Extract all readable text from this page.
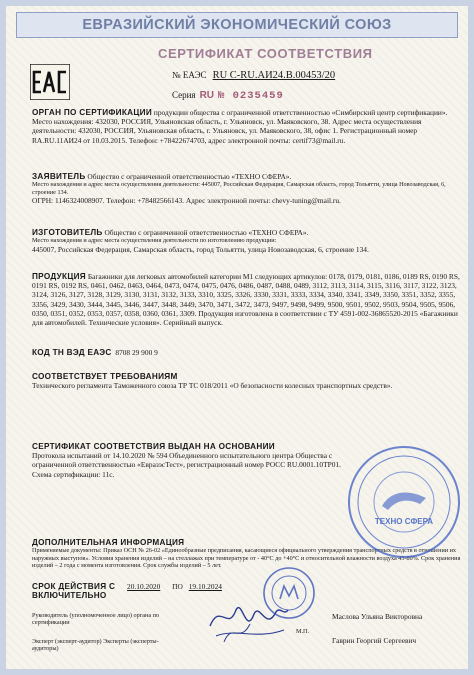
ЕВРАЗИЙСКИЙ ЭКОНОМИЧЕСКИЙ СОЮЗ
СЕРТИФИКАТ СООТВЕТСТВИЯ
№ ЕАЭС RU C-RU.АИ24.В.00453/20
Серия RU № 0235459
ОРГАН ПО СЕРТИФИКАЦИИ продукции общества с ограниченной ответственностью «Симбирский центр сертификации». Место нахождения: 432030, РОССИЯ, Ульяновская область, г. Ульяновск, ул. Маяковского, 38. Адрес места осуществления деятельности: 432030, РОССИЯ, Ульяновская область, г. Ульяновск, ул. Маяковского, 38, офис 1. Регистрационный номер RA.RU.11АИ24 от 10.03.2015. Телефон: +78422674703, адрес электронной почты: certif73@mail.ru.
ЗАЯВИТЕЛЬ Общество с ограниченной ответственностью «ТЕХНО СФЕРА».
Место нахождения и адрес места осуществления деятельности: 445007, Российская Федерация, Самарская область, город Тольятти, улица Новозаводская, 6, строение 134.
ОГРН: 1146324008907. Телефон: +78482566143. Адрес электронной почты: chevy-tuning@mail.ru.
ИЗГОТОВИТЕЛЬ Общество с ограниченной ответственностью «ТЕХНО СФЕРА».
Место нахождения и адрес места осуществления деятельности по изготовлению продукции:
445007, Российская Федерация, Самарская область, город Тольятти, улица Новозаводская, 6, строение 134.
ПРОДУКЦИЯ Багажники для легковых автомобилей категории М1 следующих артикулов: 0178, 0179, 0181, 0186, 0189 RS, 0190 RS, 0191 RS, 0192 RS, 0461, 0462, 0463, 0464, 0473, 0474, 0475, 0476, 0486, 0487, 0488, 0489, 3112, 3113, 3114, 3115, 3116, 3117, 3122, 3123, 3124, 3126, 3127, 3128, 3129, 3130, 3131, 3132, 3133, 3310, 3325, 3326, 3330, 3331, 3333, 3334, 3340, 3341, 3349, 3350, 3351, 3352, 3355, 3356, 3429, 3430, 3444, 3445, 3446, 3447, 3448, 3449, 3470, 3471, 3472, 3473, 9497, 9498, 9499, 9500, 9501, 9502, 9503, 9504, 9505, 9506, 0350, 0351, 0352, 0353, 0357, 0358, 0360, 0361, 3309. Продукция изготовлена в соответствии с ТУ 4591-002-36865520-2015 «Багажники для автомобилей. Технические условия». Серийный выпуск.
КОД ТН ВЭД ЕАЭС 8708 29 900 9
СООТВЕТСТВУЕТ ТРЕБОВАНИЯМ
Технического регламента Таможенного союза ТР ТС 018/2011 «О безопасности колесных транспортных средств».
СЕРТИФИКАТ СООТВЕТСТВИЯ ВЫДАН НА ОСНОВАНИИ
Протокола испытаний от 14.10.2020 № 594 Объединенного испытательного центра Общества с ограниченной ответственностью «ЕвразэсТест», регистрационный номер РОСС RU.0001.10ТР01.
Схема сертификации: 11с.
ДОПОЛНИТЕЛЬНАЯ ИНФОРМАЦИЯ
Применяемые документы: Приказ ОСН № 26-02 «Единообразные предписания, касающиеся официального утверждения транспортных средств в отношении их наружных выступов». Условия хранения изделий – на стеллажах при температуре от - 40°С до +40°С и относительной влажности воздуха 45-80%. Срок хранения изделий – 2 года с момента изготовления. Срок службы изделий – 5 лет.
СРОК ДЕЙСТВИЯ С 20.10.2020 ПО 19.10.2024
ВКЛЮЧИТЕЛЬНО
Руководитель (уполномоченное лицо) органа по сертификации
Маслова Ульяна Викторовна
Эксперт (эксперт-аудитор) Эксперты (эксперты-аудиторы)
Гаврин Георгий Сергеевич
М.П.
ТЕХНО СФЕРА
